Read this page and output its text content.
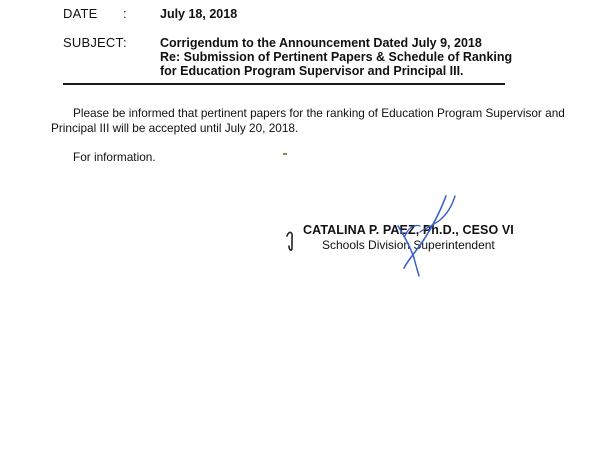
DATE :	July 18, 2018
SUBJECT :	Corrigendum to the Announcement Dated July 9, 2018
Re: Submission of Pertinent Papers & Schedule of Ranking
for Education Program Supervisor and Principal III.
Please be informed that pertinent papers for the ranking of Education Program Supervisor and
Principal III will be accepted until July 20, 2018.
For information.
CATALINA P. PAEZ, Ph.D., CESO VI
Schools Division Superintendent
